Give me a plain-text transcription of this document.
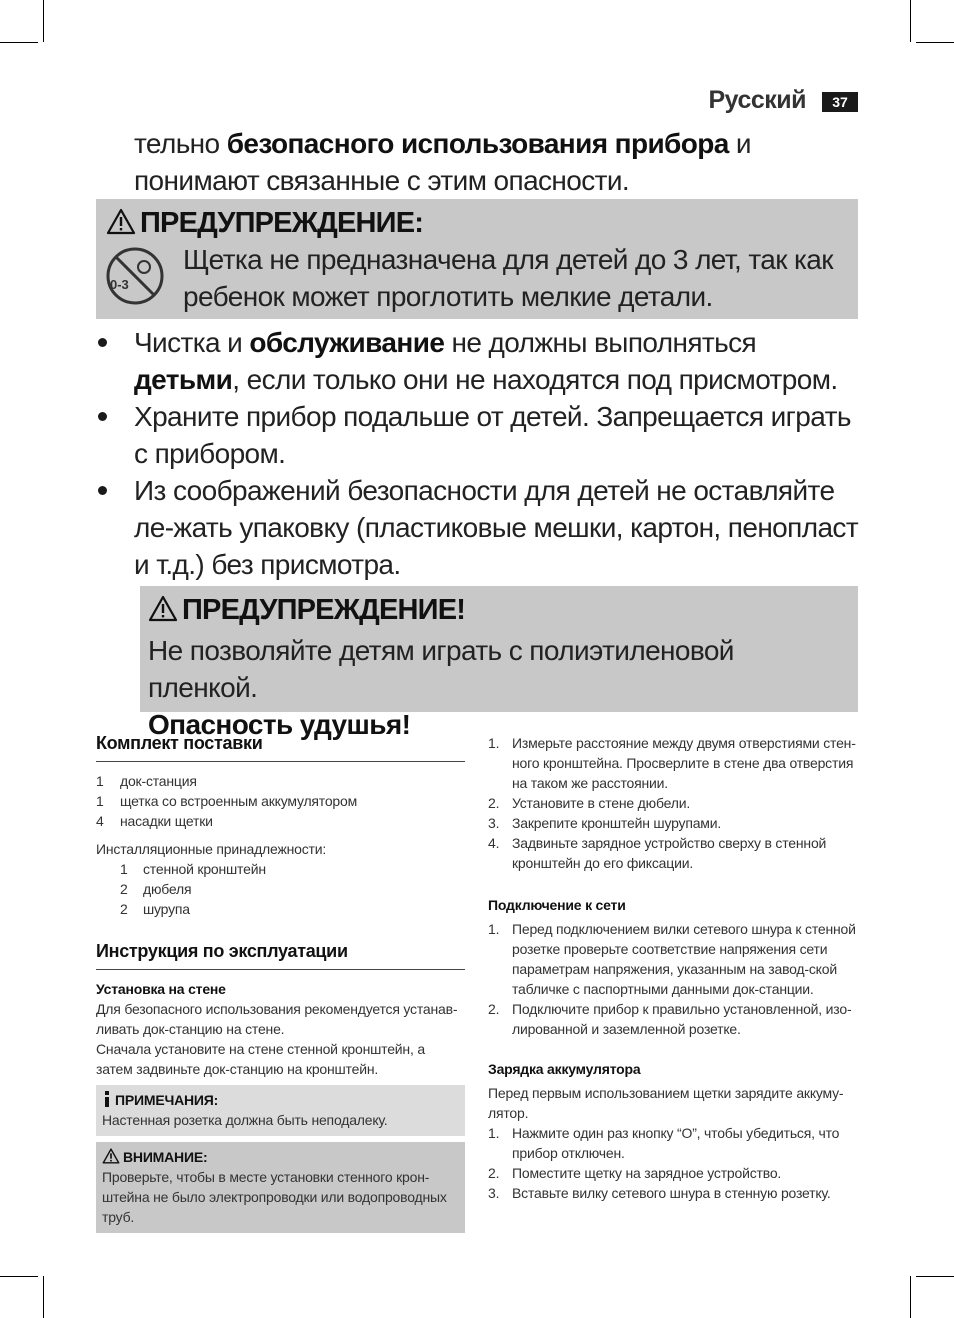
Русский	37
тельно безопасного использования прибора и понимают связанные с этим опасности.
ПРЕДУПРЕЖДЕНИЕ:
0-3
Щетка не предназначена для детей до 3 лет, так как ребенок может проглотить мелкие детали.
Чистка и обслуживание не должны выполняться детьми, если только они не находятся под присмотром.
Храните прибор подальше от детей. Запрещается играть с прибором.
Из соображений безопасности для детей не оставляйте ле-жать упаковку (пластиковые мешки, картон, пенопласт и т.д.) без присмотра.
ПРЕДУПРЕЖДЕНИЕ!
Не позволяйте детям играть с полиэтиленовой пленкой.
Опасность удушья!
Комплект поставки
1 док-станция
1 щетка со встроенным аккумулятором
4 насадки щетки
Инсталляционные принадлежности:
1 стенной кронштейн
2 дюбеля
2 шурупа
Инструкция по эксплуатации
Установка на стене
Для безопасного использования рекомендуется устанав-ливать док-станцию на стене.
Сначала установите на стене стенной кронштейн, а затем задвиньте док-станцию на кронштейн.
ПРИМЕЧАНИЯ:
Настенная розетка должна быть неподалеку.
ВНИМАНИЕ:
Проверьте, чтобы в месте установки стенного крон-штейна не было электропроводки или водопроводных труб.
1. Измерьте расстояние между двумя отверстиями стен-ного кронштейна. Просверлите в стене два отверстия на таком же расстоянии.
2. Установите в стене дюбели.
3. Закрепите кронштейн шурупами.
4. Задвиньте зарядное устройство сверху в стенной кронштейн до его фиксации.
Подключение к сети
1. Перед подключением вилки сетевого шнура к стенной розетке проверьте соответствие напряжения сети параметрам напряжения, указанным на завод-ской табличке с паспортными данными док-станции.
2. Подключите прибор к правильно установленной, изо-лированной и заземленной розетке.
Зарядка аккумулятора
Перед первым использованием щетки зарядите аккуму-лятор.
1. Нажмите один раз кнопку “O”, чтобы убедиться, что прибор отключен.
2. Поместите щетку на зарядное устройство.
3. Вставьте вилку сетевого шнура в стенную розетку.
